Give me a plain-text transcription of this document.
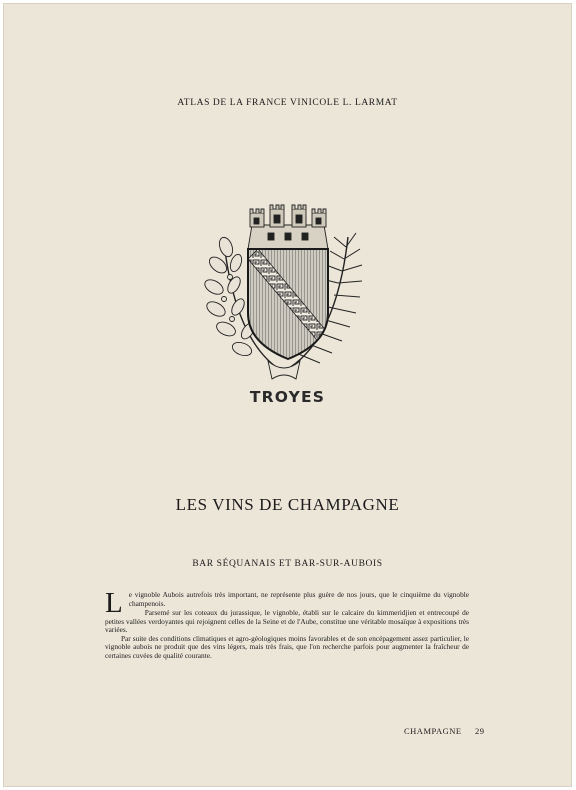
ATLAS DE LA FRANCE VINICOLE L. LARMAT
TROYES
LES VINS DE CHAMPAGNE
BAR SÉQUANAIS ET BAR-SUR-AUBOIS

Le vignoble Aubois autrefois très important, ne représente plus guère de nos jours, que le cinquième du vignoble champenois.

Parsemé sur les coteaux du jurassique, le vignoble, établi sur le calcaire du kimmeridjien et entrecoupé de petites vallées verdoyantes qui rejoignent celles de la Seine et de l'Aube, constitue une véritable mosaïque à expositions très variées.

Par suite des conditions climatiques et agro-géologiques moins favorables et de son encépagement assez particulier, le vignoble aubois ne produit que des vins légers, mais très frais, que l'on recherche parfois pour augmenter la fraîcheur de certaines cuvées de qualité courante.

CHAMPAGNE 29
